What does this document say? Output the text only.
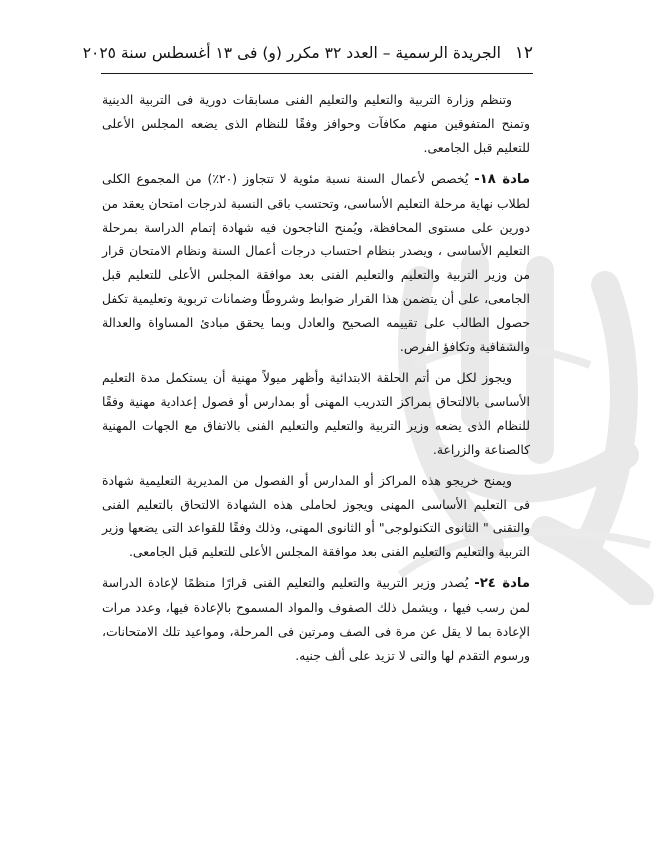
١٢
الجريدة الرسمية – العدد ٣٢ مكرر (و) فى ١٣ أغسطس سنة ٢٠٢٥

وتنظم وزارة التربية والتعليم والتعليم الفنى مسابقات دورية فى التربية الدينية وتمنح المتفوقين منهم مكافآت وحوافز وفقًا للنظام الذى يضعه المجلس الأعلى للتعليم قبل الجامعى.

مادة ١٨- يُخصص لأعمال السنة نسبة مئوية لا تتجاوز (٢٠٪) من المجموع الكلى لطلاب نهاية مرحلة التعليم الأساسى، وتحتسب باقى النسبة لدرجات امتحان يعقد من دورين على مستوى المحافظة، ويُمنح الناجحون فيه شهادة إتمام الدراسة بمرحلة التعليم الأساسى ، ويصدر بنظام احتساب درجات أعمال السنة ونظام الامتحان قرار من وزير التربية والتعليم والتعليم الفنى بعد موافقة المجلس الأعلى للتعليم قبل الجامعى، على أن يتضمن هذا القرار ضوابط وشروطًا وضمانات تربوية وتعليمية تكفل حصول الطالب على تقييمه الصحيح والعادل وبما يحقق مبادئ المساواة والعدالة والشفافية وتكافؤ الفرص.

ويجوز لكل من أتم الحلقة الابتدائية وأظهر ميولاً مهنية أن يستكمل مدة التعليم الأساسى بالالتحاق بمراكز التدريب المهنى أو بمدارس أو فصول إعدادية مهنية وفقًا للنظام الذى يضعه وزير التربية والتعليم والتعليم الفنى بالاتفاق مع الجهات المهنية كالصناعة والزراعة.

ويمنح خريجو هذه المراكز أو المدارس أو الفصول من المديرية التعليمية شهادة فى التعليم الأساسى المهنى ويجوز لحاملى هذه الشهادة الالتحاق بالتعليم الفنى والتقنى " الثانوى التكنولوجى" أو الثانوى المهنى، وذلك وفقًا للقواعد التى يضعها وزير التربية والتعليم والتعليم الفنى بعد موافقة المجلس الأعلى للتعليم قبل الجامعى.

مادة ٢٤- يُصدر وزير التربية والتعليم والتعليم الفنى قرارًا منظمًا لإعادة الدراسة لمن رسب فيها ، ويشمل ذلك الصفوف والمواد المسموح بالإعادة فيها، وعدد مرات الإعادة بما لا يقل عن مرة فى الصف ومرتين فى المرحلة، ومواعيد تلك الامتحانات، ورسوم التقدم لها والتى لا تزيد على ألف جنيه.
